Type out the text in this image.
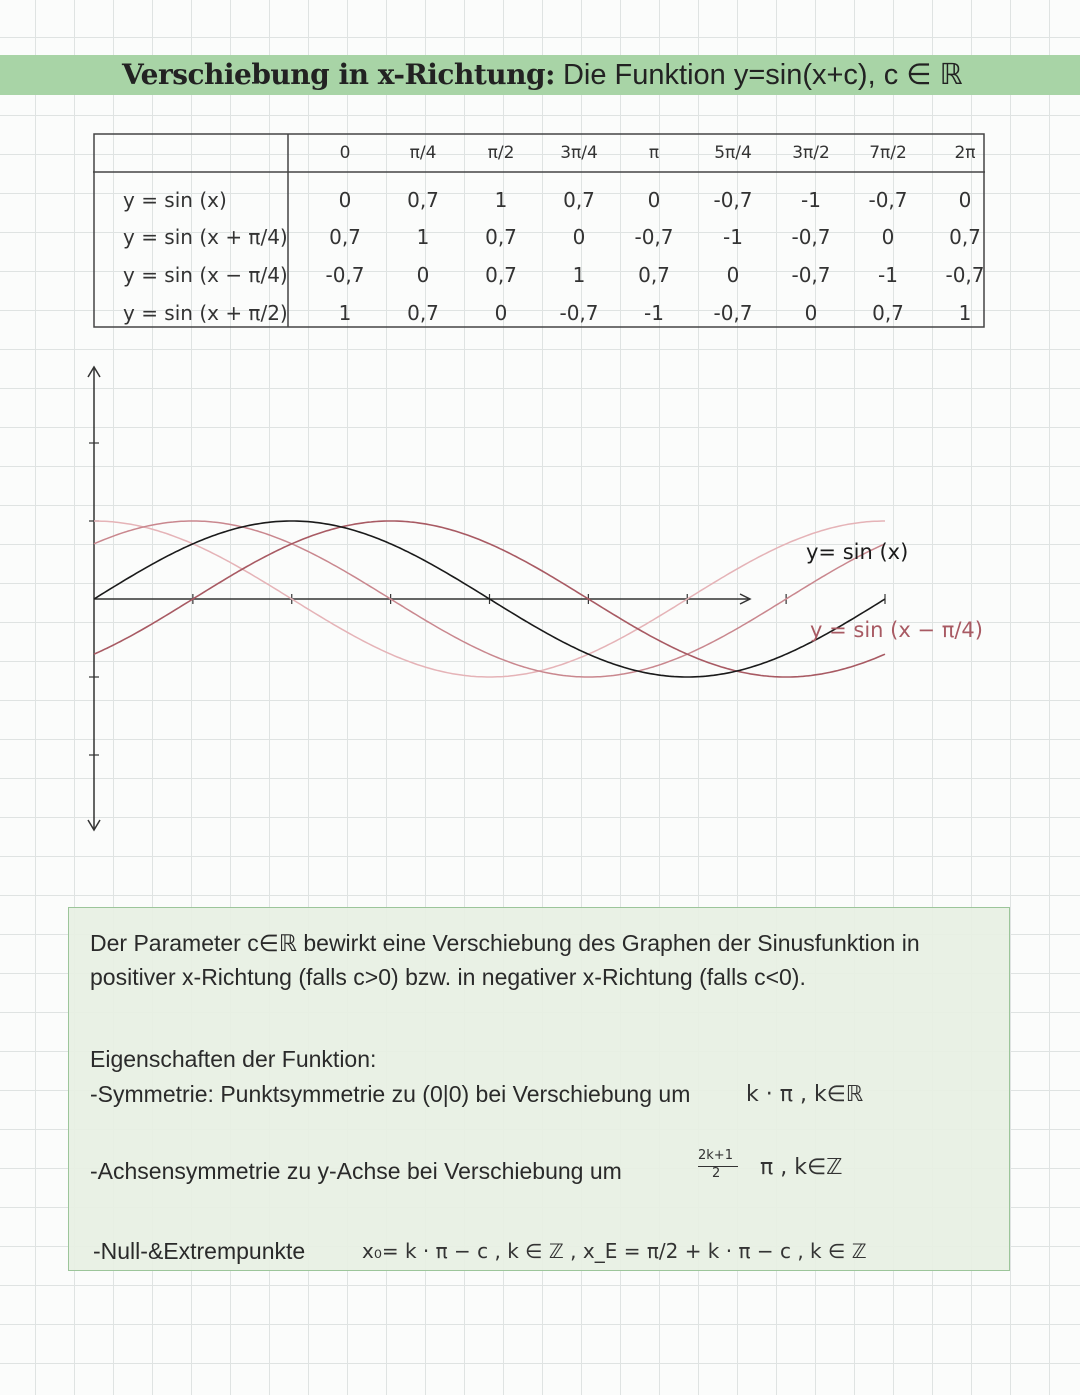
Verschiebung in x-Richtung: Die Funktion y=sin(x+c), c ∈ ℝ
0	π/4	π/2	3π/4	π	5π/4 3π/2 7π/2	2π
y = sin (x)	0	0,7	1	0,7	0	-0,7 -1 -0,7	0
y = sin (x + π/4) 0,7	1	0,7	0 -0,7 -1 -0,7	0	0,7
y = sin (x − π/4) -0,7	0	0,7	1	0,7	0	-0,7 -1 -0,7
y = sin (x + π/2)	1	0,7	0	-0,7 -1 -0,7	0	0,7	1
y= sin (x)
y = sin (x − π/4)
Der Parameter c∈ℝ bewirkt eine Verschiebung des Graphen der Sinusfunktion in
positiver x-Richtung (falls c>0) bzw. in negativer x-Richtung (falls c<0).
Eigenschaften der Funktion:
-Symmetrie: Punktsymmetrie zu (0|0) bei Verschiebung um	k · π , k∈ℝ
-Achsensymmetrie zu y-Achse bei Verschiebung um
2k+1
2 π , k∈ℤ
-Null-&Extrempunkte	x₀= k · π − c , k ∈ ℤ , x_E = π/2 + k · π − c , k ∈ ℤ
